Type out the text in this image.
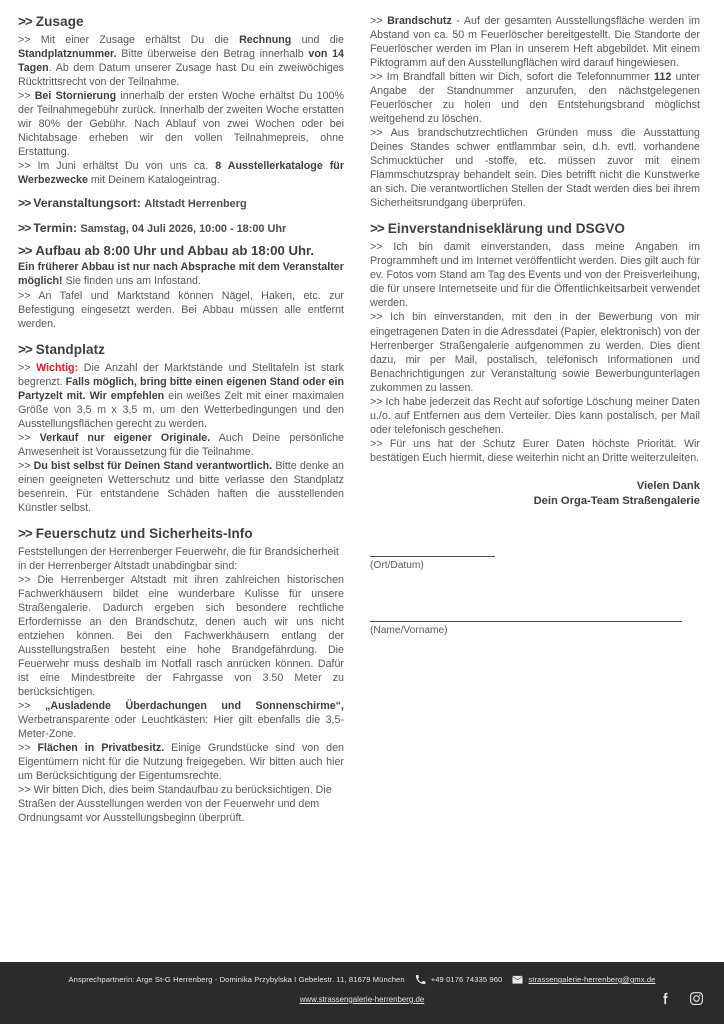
>> Zusage

>> Mit einer Zusage erhältst Du die Rechnung und die Standplatznummer. Bitte überweise den Betrag innerhalb von 14 Tagen. Ab dem Datum unserer Zusage hast Du ein zweiwöchiges Rücktrittsrecht von der Teilnahme.

>> Bei Stornierung innerhalb der ersten Woche erhältst Du 100% der Teilnahmegebühr zurück. Innerhalb der zweiten Woche erstatten wir 80% der Gebühr. Nach Ablauf von zwei Wochen oder bei Nichtabsage erheben wir den vollen Teilnahmepreis, ohne Erstattung.

>> Im Juni erhältst Du von uns ca. 8 Ausstellerkataloge für Werbezwecke mit Deinem Katalogeintrag.

>> Veranstaltungsort: Altstadt Herrenberg

>> Termin: Samstag, 04 Juli 2026, 10:00 - 18:00 Uhr

>> Aufbau ab 8:00 Uhr und Abbau ab 18:00 Uhr.

Ein früherer Abbau ist nur nach Absprache mit dem Veranstalter möglich! Sie finden uns am Infostand.

>> An Tafel und Marktstand können Nägel, Haken, etc. zur Befestigung eingesetzt werden. Bei Abbau müssen alle entfernt werden.

>> Standplatz

>> Wichtig: Die Anzahl der Marktstände und Stelltafeln ist stark begrenzt. Falls möglich, bring bitte einen eigenen Stand oder ein Partyzelt mit. Wir empfehlen ein weißes Zelt mit einer maximalen Größe von 3,5 m x 3,5 m, um den Wetterbedingungen und den Ausstellungsflächen gerecht zu werden.

>> Verkauf nur eigener Originale. Auch Deine persönliche Anwesenheit ist Voraussetzung für die Teilnahme.

>> Du bist selbst für Deinen Stand verantwortlich. Bitte denke an einen geeigneten Wetterschutz und bitte verlasse den Standplatz besenrein. Für entstandene Schäden haften die ausstellenden Künstler selbst.

>> Feuerschutz und Sicherheits-Info

Feststellungen der Herrenberger Feuerwehr, die für Brandsicherheit in der Herrenberger Altstadt unabdingbar sind:

>> Die Herrenberger Altstadt mit ihren zahlreichen historischen Fachwerkhäusern bildet eine wunderbare Kulisse für unsere Straßengalerie. Dadurch ergeben sich besondere rechtliche Erfordernisse an den Brandschutz, denen auch wir uns nicht entziehen können. Bei den Fachwerkhäusern entlang der Ausstellungstraßen besteht eine hohe Brandgefährdung. Die Feuerwehr muss deshalb im Notfall rasch anrücken können. Dafür ist eine Mindestbreite der Fahrgasse von 3.50 Meter zu berücksichtigen.

>> „Ausladende Überdachungen und Sonnenschirme“, Werbetransparente oder Leuchtkästen: Hier gilt ebenfalls die 3,5-Meter-Zone.

>> Flächen in Privatbesitz. Einige Grundstücke sind von den Eigentümern nicht für die Nutzung freigegeben. Wir bitten auch hier um Berücksichtigung der Eigentumsrechte.

>> Wir bitten Dich, dies beim Standaufbau zu berücksichtigen. Die Straßen der Ausstellungen werden von der Feuerwehr und dem Ordnungsamt vor Ausstellungsbeginn überprüft.

>> Brandschutz - Auf der gesamten Ausstellungsfläche werden im Abstand von ca. 50 m Feuerlöscher bereitgestellt. Die Standorte der Feuerlöscher werden im Plan in unserem Heft abgebildet. Mit einem Piktogramm auf den Ausstellungflächen wird darauf hingewiesen.

>> Im Brandfall bitten wir Dich, sofort die Telefonnummer 112 unter Angabe der Standnummer anzurufen, den nächstgelegenen Feuerlöscher zu holen und den Entstehungsbrand möglichst weitgehend zu löschen.

>> Aus brandschutzrechtlichen Gründen muss die Ausstattung Deines Standes schwer entflammbar sein, d.h. evtl. vorhandene Schmucktücher und -stoffe, etc. müssen zuvor mit einem Flammschutzspray behandelt sein. Dies betrifft nicht die Kunstwerke an sich. Die verantwortlichen Stellen der Stadt werden dies bei ihrem Sicherheitsrundgang überprüfen.

>> Einverstandniseklärung und DSGVO

>> Ich bin damit einverstanden, dass meine Angaben im Programmheft und im Internet veröffentlicht werden. Dies gilt auch für ev. Fotos vom Stand am Tag des Events und von der Preisverleihung, die für unsere Internetseite und für die Öffentlichkeitsarbeit verwendet werden.

>> Ich bin einverstanden, mit den in der Bewerbung von mir eingetragenen Daten in die Adressdatei (Papier, elektronisch) von der Herrenberger Straßengalerie aufgenommen zu werden. Dies dient dazu, mir per Mail, postalisch, telefonisch Informationen und Benachrichtigungen zur Veranstaltung sowie Bewerbungunterlagen zukommen zu lassen.

>> Ich habe jederzeit das Recht auf sofortige Löschung meiner Daten u./o. auf Entfernen aus dem Verteiler. Dies kann postalisch, per Mail oder telefonisch geschehen.

>> Für uns hat der Schutz Eurer Daten höchste Priorität. Wir bestätigen Euch hiermit, diese weiterhin nicht an Dritte weiterzuleiten.

Vielen Dank
Dein Orga-Team Straßengalerie
(Ort/Datum)
(Name/Vorname)
Ansprechpartnerin: Arge St-G Herrenberg - Dominika Przybylska I Gebelestr. 11, 81679 München	+49 0176 74335 960	strassengalerie-herrenberg@gmx.de
www.strassengalerie-herrenberg.de
